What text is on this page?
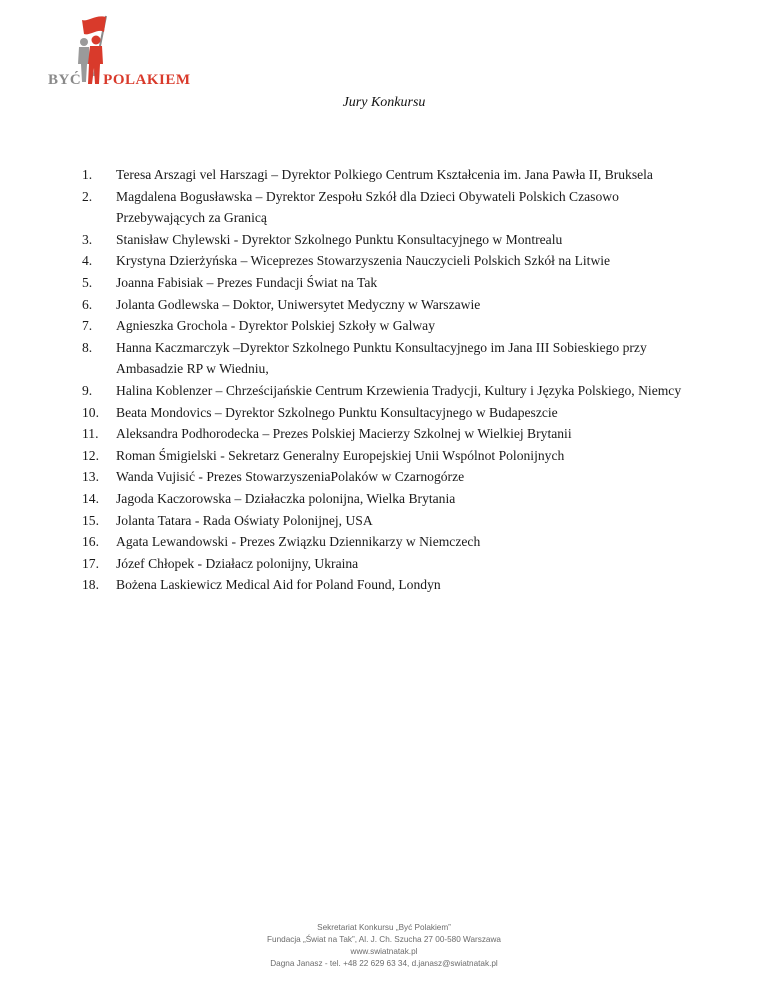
BYĆ POLAKIEM
Jury Konkursu
1.	Teresa Arszagi vel Harszagi – Dyrektor Polkiego Centrum Kształcenia im. Jana Pawła II, Bruksela
2.	Magdalena Bogusławska – Dyrektor Zespołu Szkół dla Dzieci Obywateli Polskich Czasowo Przebywających za Granicą
3.	Stanisław Chylewski - Dyrektor Szkolnego Punktu Konsultacyjnego w Montrealu
4.	Krystyna Dzierżyńska – Wiceprezes Stowarzyszenia Nauczycieli Polskich Szkół na Litwie
5.	Joanna Fabisiak – Prezes Fundacji Świat na Tak
6.	Jolanta Godlewska – Doktor, Uniwersytet Medyczny w Warszawie
7.	Agnieszka Grochola - Dyrektor Polskiej Szkoły w Galway
8.	Hanna Kaczmarczyk –Dyrektor Szkolnego Punktu Konsultacyjnego im Jana III Sobieskiego przy Ambasadzie RP w Wiedniu,
9.	Halina Koblenzer – Chrześcijańskie Centrum Krzewienia Tradycji, Kultury i Języka Polskiego, Niemcy
10.	Beata Mondovics – Dyrektor Szkolnego Punktu Konsultacyjnego w Budapeszcie
11.	Aleksandra Podhorodecka – Prezes Polskiej Macierzy Szkolnej w Wielkiej Brytanii
12.	Roman Śmigielski - Sekretarz Generalny Europejskiej Unii Wspólnot Polonijnych
13.	Wanda Vujisić - Prezes StowarzyszeniaPolaków w Czarnogórze
14.	Jagoda Kaczorowska – Działaczka polonijna, Wielka Brytania
15.	Jolanta Tatara - Rada Oświaty Polonijnej, USA
16.	Agata Lewandowski - Prezes Związku Dziennikarzy w Niemczech
17.	Józef Chłopek - Działacz polonijny, Ukraina
18.	Bożena Laskiewicz Medical Aid for Poland Found, Londyn
Sekretariat Konkursu „Być Polakiem”
Fundacja „Świat na Tak”, Al. J. Ch. Szucha 27 00-580 Warszawa
www.swiatnatak.pl
Dagna Janasz - tel. +48 22 629 63 34, d.janasz@swiatnatak.pl
